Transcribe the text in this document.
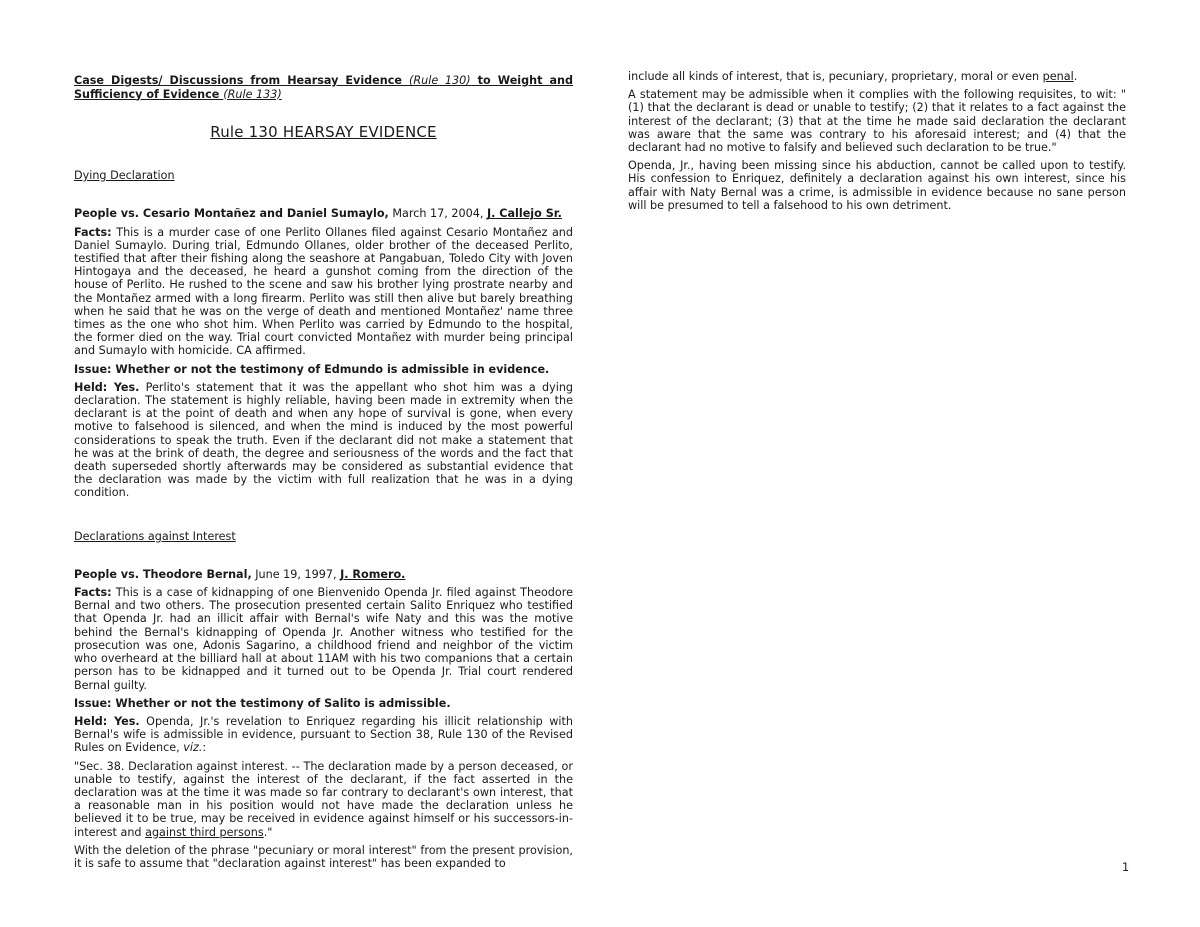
Case Digests/ Discussions from Hearsay Evidence (Rule 130) to Weight and Sufficiency of Evidence (Rule 133)
Rule 130 HEARSAY EVIDENCE
Dying Declaration

People vs. Cesario Montañez and Daniel Sumaylo, March 17, 2004, J. Callejo Sr.

Facts: This is a murder case of one Perlito Ollanes filed against Cesario Montañez and Daniel Sumaylo. During trial, Edmundo Ollanes, older brother of the deceased Perlito, testified that after their fishing along the seashore at Pangabuan, Toledo City with Joven Hintogaya and the deceased, he heard a gunshot coming from the direction of the house of Perlito. He rushed to the scene and saw his brother lying prostrate nearby and the Montañez armed with a long firearm. Perlito was still then alive but barely breathing when he said that he was on the verge of death and mentioned Montañez' name three times as the one who shot him. When Perlito was carried by Edmundo to the hospital, the former died on the way. Trial court convicted Montañez with murder being principal and Sumaylo with homicide. CA affirmed.

Issue: Whether or not the testimony of Edmundo is admissible in evidence.

Held: Yes. Perlito's statement that it was the appellant who shot him was a dying declaration. The statement is highly reliable, having been made in extremity when the declarant is at the point of death and when any hope of survival is gone, when every motive to falsehood is silenced, and when the mind is induced by the most powerful considerations to speak the truth. Even if the declarant did not make a statement that he was at the brink of death, the degree and seriousness of the words and the fact that death superseded shortly afterwards may be considered as substantial evidence that the declaration was made by the victim with full realization that he was in a dying condition.

Declarations against Interest

People vs. Theodore Bernal, June 19, 1997, J. Romero.

Facts: This is a case of kidnapping of one Bienvenido Openda Jr. filed against Theodore Bernal and two others. The prosecution presented certain Salito Enriquez who testified that Openda Jr. had an illicit affair with Bernal's wife Naty and this was the motive behind the Bernal's kidnapping of Openda Jr. Another witness who testified for the prosecution was one, Adonis Sagarino, a childhood friend and neighbor of the victim who overheard at the billiard hall at about 11AM with his two companions that a certain person has to be kidnapped and it turned out to be Openda Jr. Trial court rendered Bernal guilty.

Issue: Whether or not the testimony of Salito is admissible.

Held: Yes. Openda, Jr.'s revelation to Enriquez regarding his illicit relationship with Bernal's wife is admissible in evidence, pursuant to Section 38, Rule 130 of the Revised Rules on Evidence, viz.:

"Sec. 38. Declaration against interest. -- The declaration made by a person deceased, or unable to testify, against the interest of the declarant, if the fact asserted in the declaration was at the time it was made so far contrary to declarant's own interest, that a reasonable man in his position would not have made the declaration unless he believed it to be true, may be received in evidence against himself or his successors-in-interest and against third persons."

With the deletion of the phrase "pecuniary or moral interest" from the present provision, it is safe to assume that "declaration against interest" has been expanded to

include all kinds of interest, that is, pecuniary, proprietary, moral or even penal.

A statement may be admissible when it complies with the following requisites, to wit: "(1) that the declarant is dead or unable to testify; (2) that it relates to a fact against the interest of the declarant; (3) that at the time he made said declaration the declarant was aware that the same was contrary to his aforesaid interest; and (4) that the declarant had no motive to falsify and believed such declaration to be true."

Openda, Jr., having been missing since his abduction, cannot be called upon to testify. His confession to Enriquez, definitely a declaration against his own interest, since his affair with Naty Bernal was a crime, is admissible in evidence because no sane person will be presumed to tell a falsehood to his own detriment.

1
